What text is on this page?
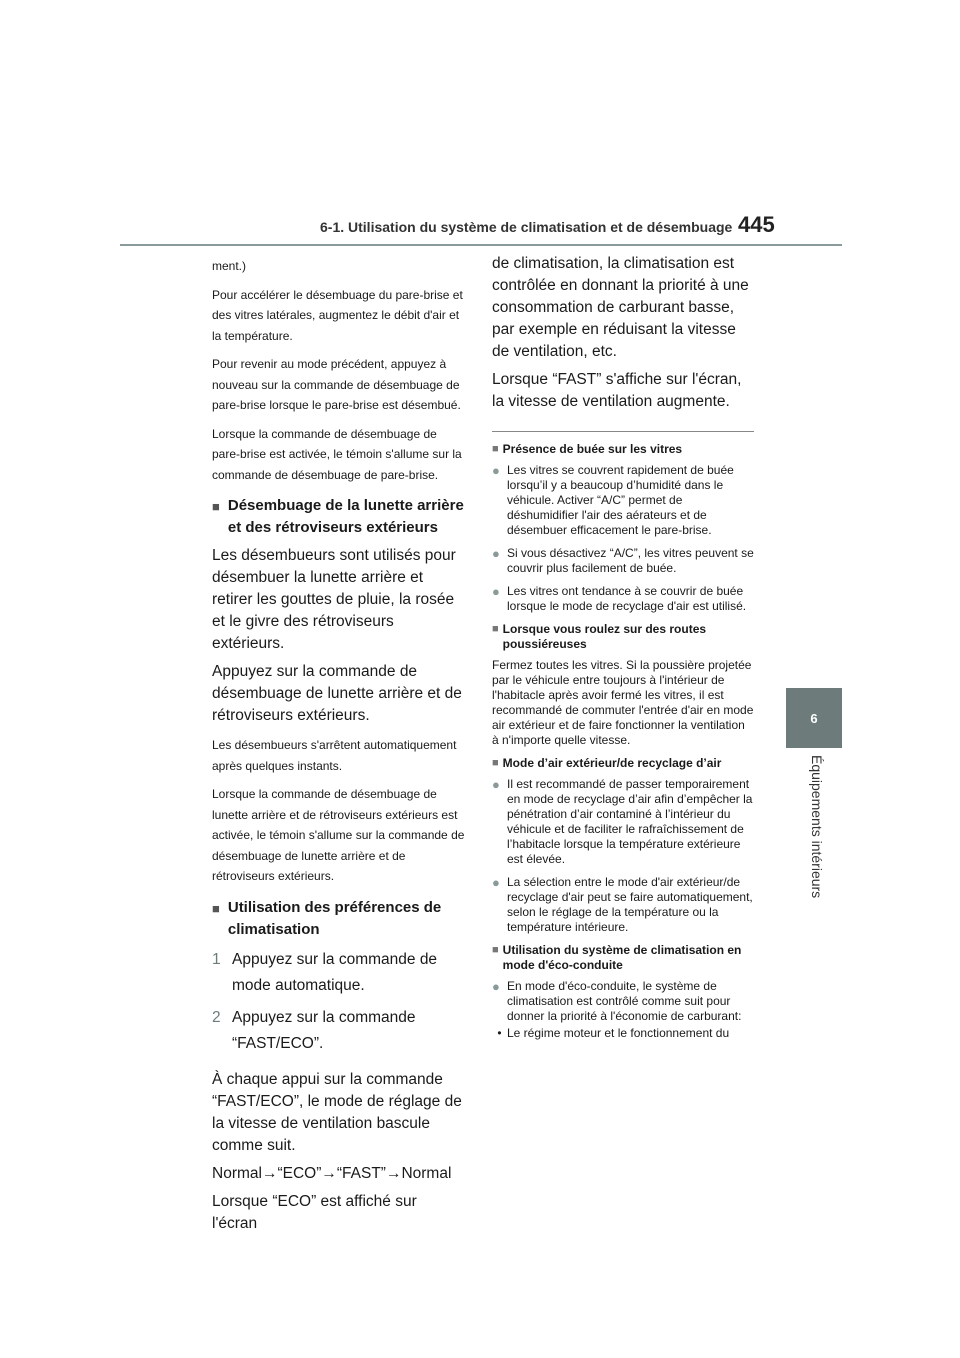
6-1. Utilisation du système de climatisation et de désembuage 445
6
Équipements intérieurs

ment.)

Pour accélérer le désembuage du pare-brise et des vitres latérales, augmentez le débit d'air et la température.

Pour revenir au mode précédent, appuyez à nouveau sur la commande de désembuage de pare-brise lorsque le pare-brise est désembué.

Lorsque la commande de désembuage de pare-brise est activée, le témoin s'allume sur la commande de désembuage de pare-brise.

■ Désembuage de la lunette arrière et des rétroviseurs extérieurs

Les désembueurs sont utilisés pour désembuer la lunette arrière et retirer les gouttes de pluie, la rosée et le givre des rétroviseurs extérieurs.

Appuyez sur la commande de désembuage de lunette arrière et de rétroviseurs extérieurs.

Les désembueurs s'arrêtent automatiquement après quelques instants.

Lorsque la commande de désembuage de lunette arrière et de rétroviseurs extérieurs est activée, le témoin s'allume sur la commande de désembuage de lunette arrière et de rétroviseurs extérieurs.

■ Utilisation des préférences de climatisation
1 Appuyez sur la commande de mode automatique.
2 Appuyez sur la commande “FAST/ECO”.

À chaque appui sur la commande “FAST/ECO”, le mode de réglage de la vitesse de ventilation bascule comme suit.

Normal→“ECO”→“FAST”→Normal

Lorsque “ECO” est affiché sur l'écran

de climatisation, la climatisation est contrôlée en donnant la priorité à une consommation de carburant basse, par exemple en réduisant la vitesse de ventilation, etc.

Lorsque “FAST” s'affiche sur l'écran, la vitesse de ventilation augmente.

■ Présence de buée sur les vitres
● Les vitres se couvrent rapidement de buée lorsqu’il y a beaucoup d’humidité dans le véhicule. Activer “A/C” permet de déshumidifier l'air des aérateurs et de désembuer efficacement le pare-brise.
● Si vous désactivez “A/C”, les vitres peuvent se couvrir plus facilement de buée.
● Les vitres ont tendance à se couvrir de buée lorsque le mode de recyclage d'air est utilisé.
■ Lorsque vous roulez sur des routes poussiéreuses

Fermez toutes les vitres. Si la poussière projetée par le véhicule entre toujours à l'intérieur de l'habitacle après avoir fermé les vitres, il est recommandé de commuter l'entrée d'air en mode air extérieur et de faire fonctionner la ventilation à n'importe quelle vitesse.

■ Mode d’air extérieur/de recyclage d’air
● Il est recommandé de passer temporairement en mode de recyclage d’air afin d’empêcher la pénétration d’air contaminé à l’intérieur du véhicule et de faciliter le rafraîchissement de l’habitacle lorsque la température extérieure est élevée.
● La sélection entre le mode d'air extérieur/de recyclage d'air peut se faire automatiquement, selon le réglage de la température ou la température intérieure.
■ Utilisation du système de climatisation en mode d'éco-conduite
● En mode d'éco-conduite, le système de climatisation est contrôlé comme suit pour donner la priorité à l'économie de carburant:
• Le régime moteur et le fonctionnement du
